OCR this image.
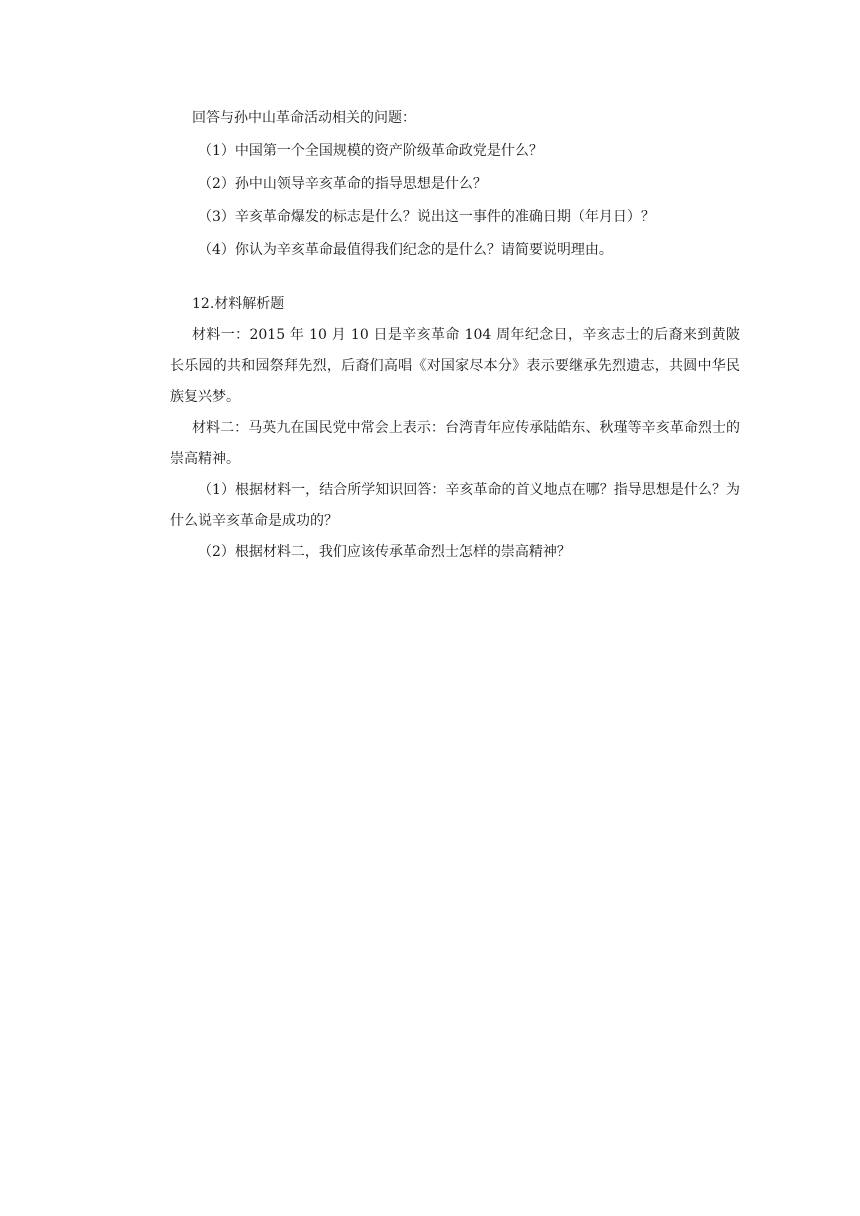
回答与孙中山革命活动相关的问题：
（1）中国第一个全国规模的资产阶级革命政党是什么？
（2）孙中山领导辛亥革命的指导思想是什么？
（3）辛亥革命爆发的标志是什么？说出这一事件的准确日期（年月日）？
（4）你认为辛亥革命最值得我们纪念的是什么？请简要说明理由。
12.材料解析题
材料一：2015 年 10 月 10 日是辛亥革命 104 周年纪念日，辛亥志士的后裔来到黄陂长乐园的共和园祭拜先烈，后裔们高唱《对国家尽本分》表示要继承先烈遗志，共圆中华民族复兴梦。
材料二：马英九在国民党中常会上表示：台湾青年应传承陆皓东、秋瑾等辛亥革命烈士的崇高精神。
（1）根据材料一，结合所学知识回答：辛亥革命的首义地点在哪？指导思想是什么？为什么说辛亥革命是成功的？
（2）根据材料二，我们应该传承革命烈士怎样的崇高精神？
